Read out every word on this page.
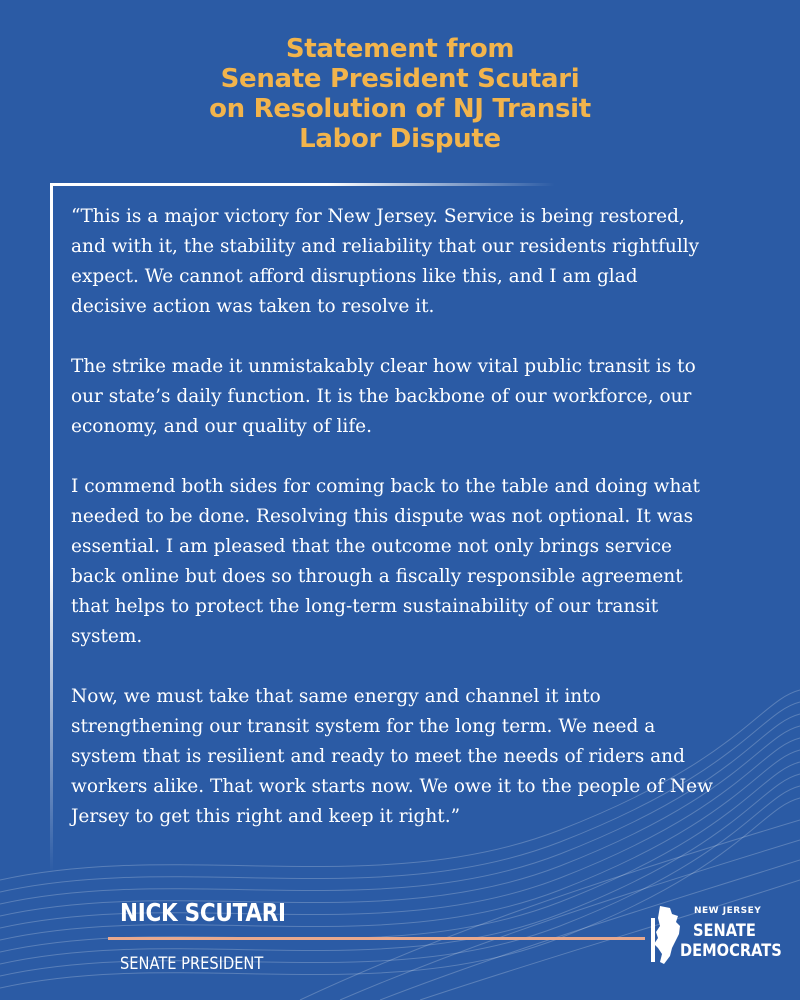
Statement from
Senate President Scutari
on Resolution of NJ Transit
Labor Dispute
“This is a major victory for New Jersey. Service is being restored,
and with it, the stability and reliability that our residents rightfully
expect. We cannot afford disruptions like this, and I am glad
decisive action was taken to resolve it.
The strike made it unmistakably clear how vital public transit is to
our state’s daily function. It is the backbone of our workforce, our
economy, and our quality of life.
I commend both sides for coming back to the table and doing what
needed to be done. Resolving this dispute was not optional. It was
essential. I am pleased that the outcome not only brings service
back online but does so through a fiscally responsible agreement
that helps to protect the long-term sustainability of our transit
system.
Now, we must take that same energy and channel it into
strengthening our transit system for the long term. We need a
system that is resilient and ready to meet the needs of riders and
workers alike. That work starts now. We owe it to the people of New
Jersey to get this right and keep it right.”
NICK SCUTARI
SENATE PRESIDENT
NEW JERSEY
SENATE
DEMOCRATS
